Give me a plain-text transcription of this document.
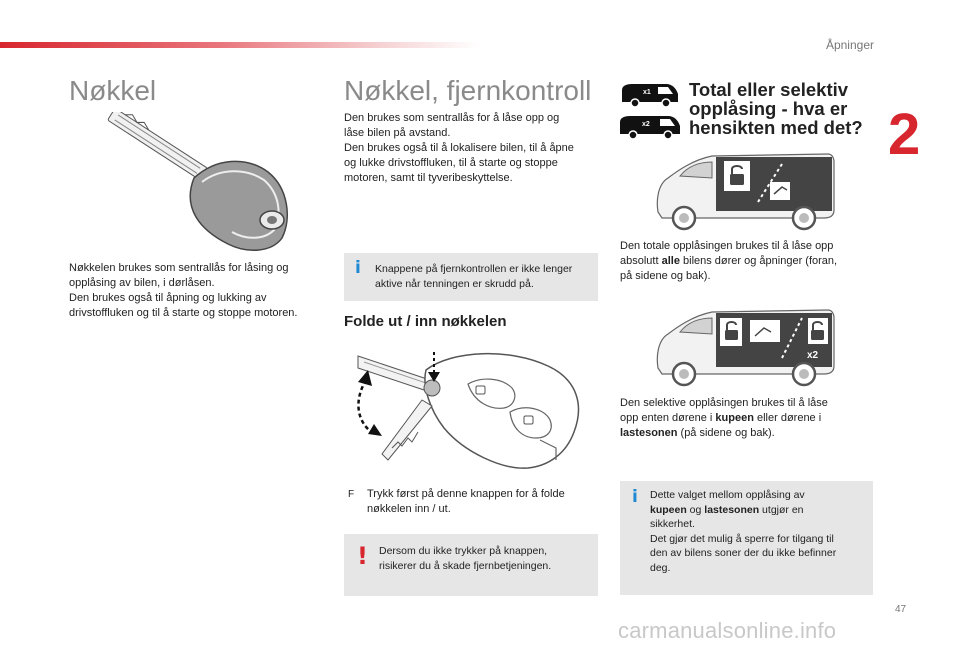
Åpninger
2
Nøkkel
Nøkkelen brukes som sentrallås for låsing og
opplåsing av bilen, i dørlåsen.
Den brukes også til åpning og lukking av
drivstoffluken og til å starte og stoppe motoren.
Nøkkel, fjernkontroll
Den brukes som sentrallås for å låse opp og
låse bilen på avstand.
Den brukes også til å lokalisere bilen, til å åpne
og lukke drivstoffluken, til å starte og stoppe
motoren, samt til tyveribeskyttelse.
i Knappene på fjernkontrollen er ikke lenger
aktive når tenningen er skrudd på.
Folde ut / inn nøkkelen
F Trykk først på denne knappen for å folde
nøkkelen inn / ut.
! Dersom du ikke trykker på knappen,
risikerer du å skade fjernbetjeningen.
x1
x2
Total eller selektiv
opplåsing - hva er
hensikten med det?
Den totale opplåsingen brukes til å låse opp
absolutt alle bilens dører og åpninger (foran,
på sidene og bak).
x2
Den selektive opplåsingen brukes til å låse
opp enten dørene i kupeen eller dørene i
lastesonen (på sidene og bak).
i Dette valget mellom opplåsing av
kupeen og lastesonen utgjør en
sikkerhet.
Det gjør det mulig å sperre for tilgang til
den av bilens soner der du ikke befinner
deg.
47
carmanualsonline.info
